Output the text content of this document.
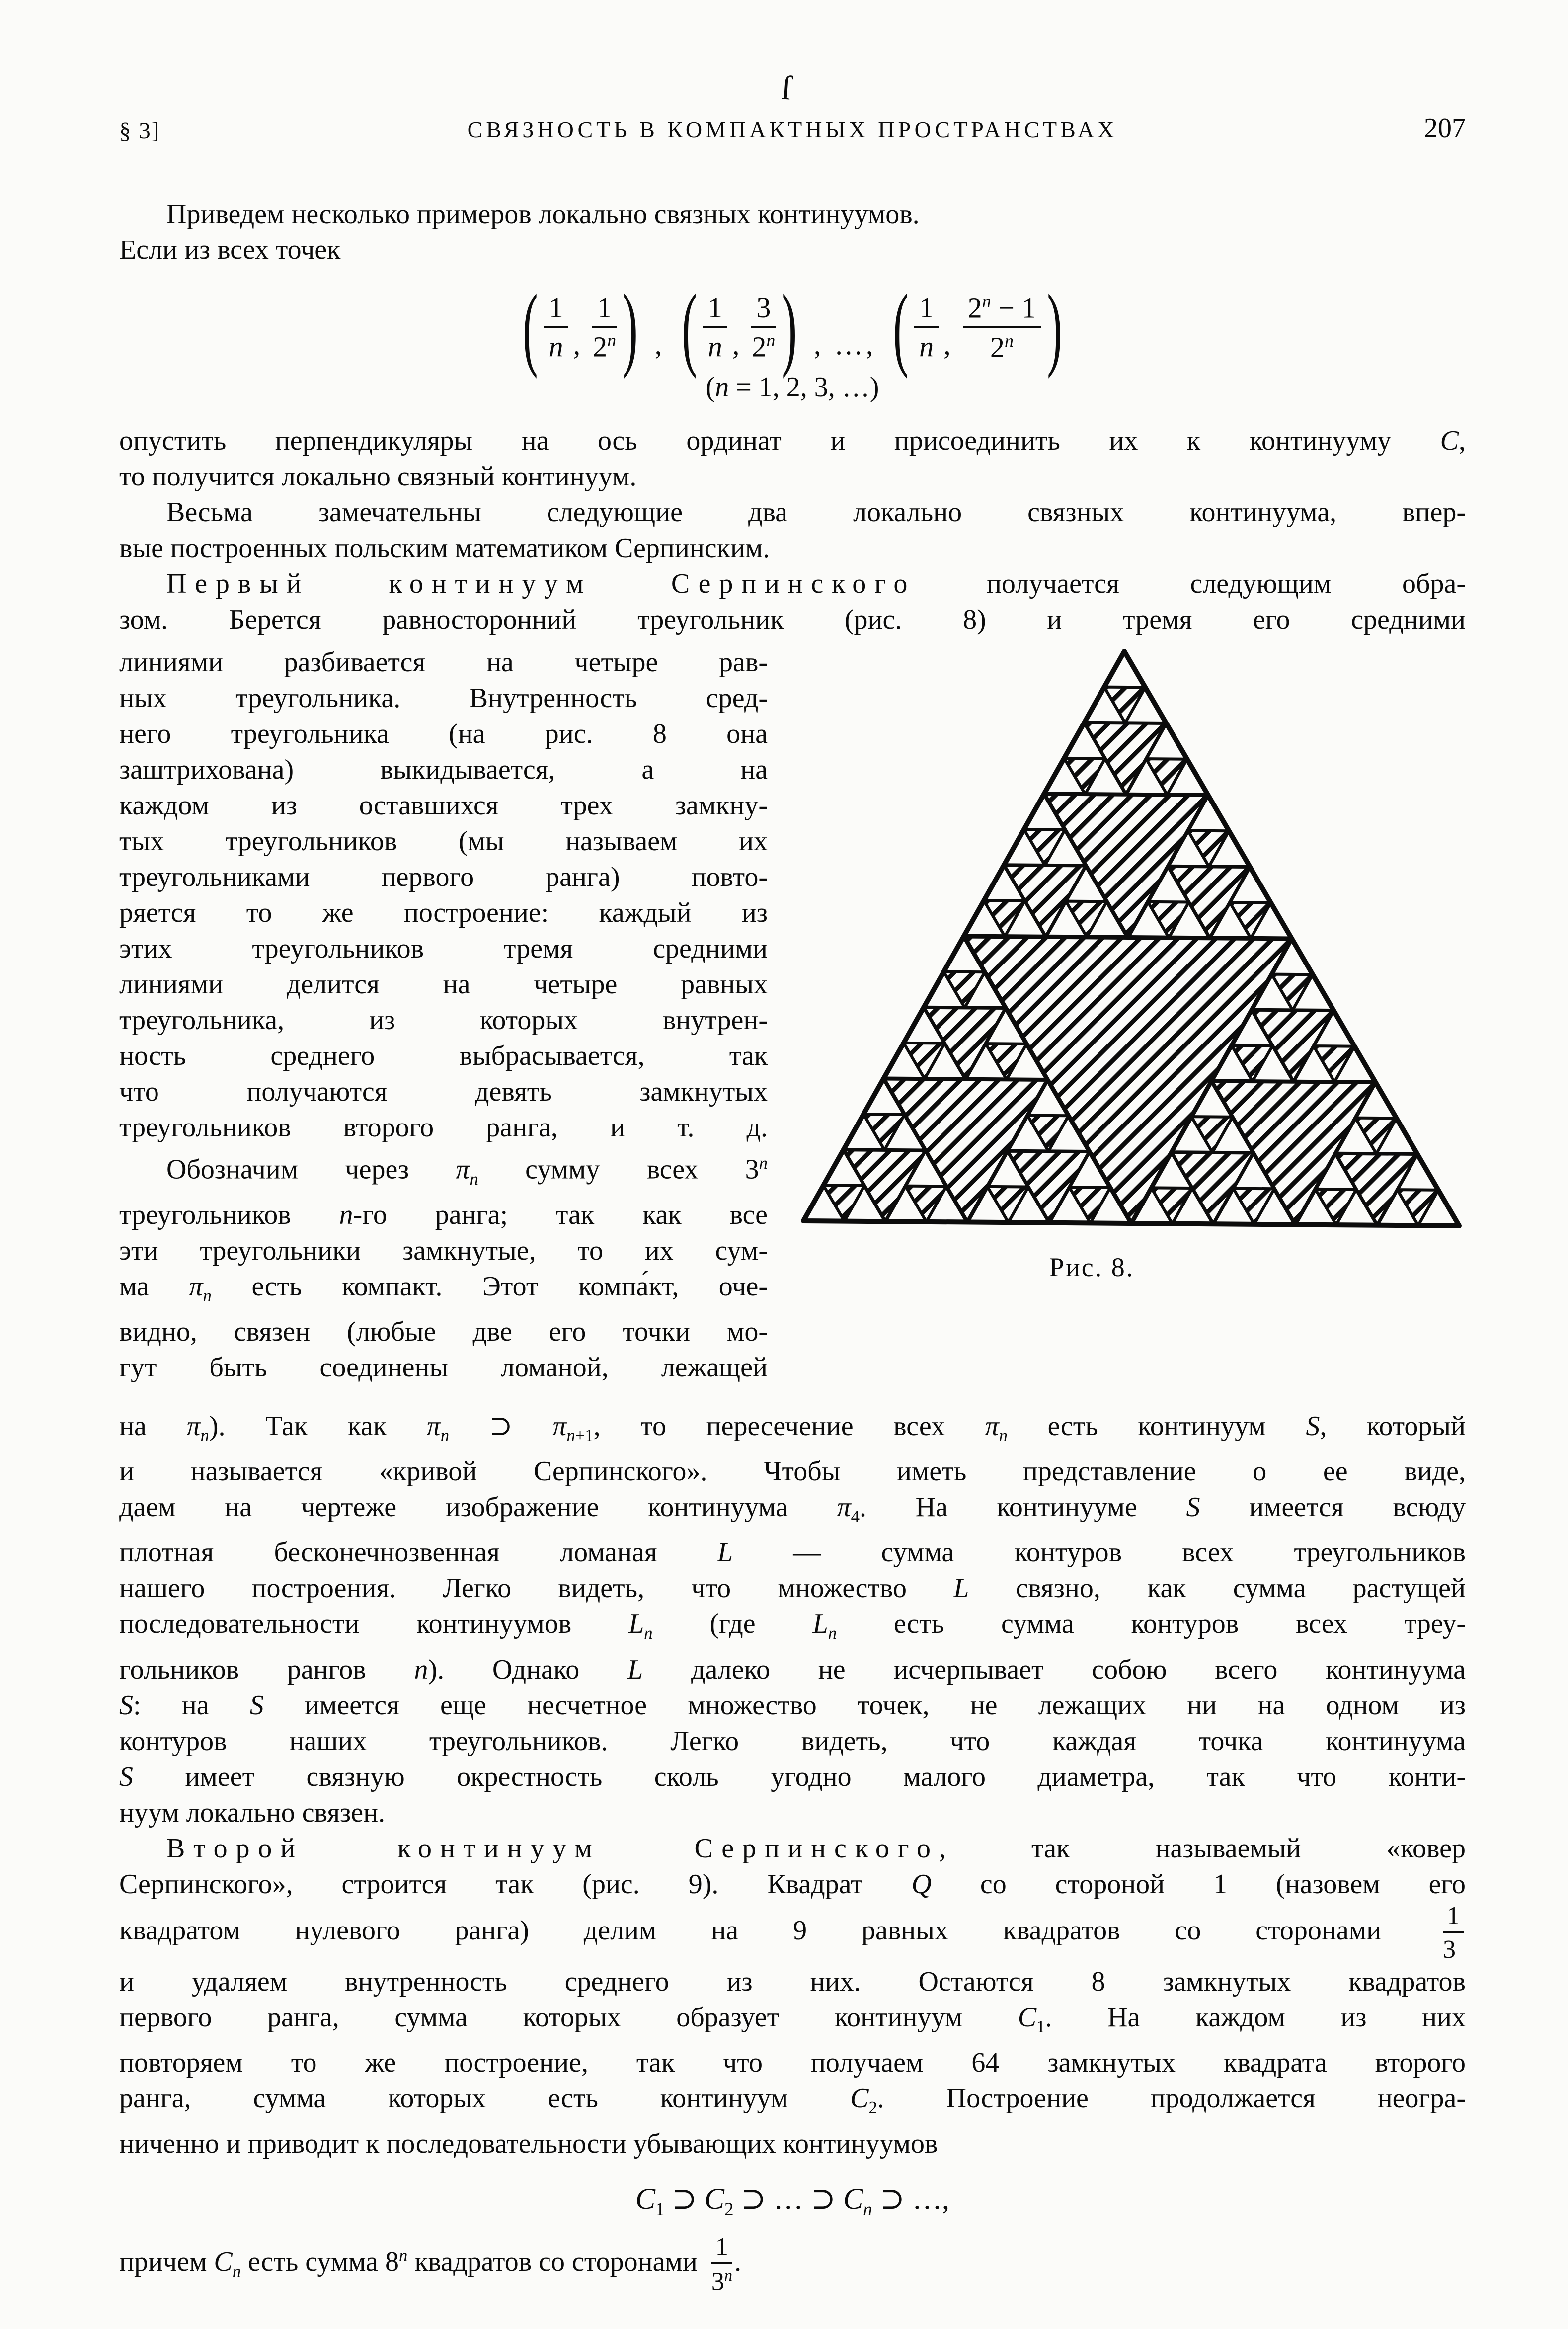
§ 3]	СВЯЗНОСТЬ В КОМПАКТНЫХ ПРОСТРАНСТВАХ	207
ſ
Приведем несколько примеров локально связных континуумов.
Если из всех точек
( $\frac{1}{n}$ , $\frac{1}{2^n}$ ) , ( $\frac{1}{n}$ , $\frac{3}{2^n}$ ) , …, ( $\frac{1}{n}$ , $\frac{2^n - 1}{2^n}$ )
(n = 1, 2, 3, …)
опустить перпендикуляры на ось ординат и присоединить их к континууму C,
то получится локально связный континуум.
Весьма замечательны следующие два локально связных континуума, впер-
вые построенных польским математиком Серпинским.
Первый континуум Серпинского получается следующим обра-
зом. Берется равносторонний треугольник (рис. 8) и тремя его средними
линиями разбивается на четыре рав-
ных треугольника. Внутренность сред-
него треугольника (на рис. 8 она
заштрихована) выкидывается, а на
каждом из оставшихся трех замкну-
тых треугольников (мы называем их
треугольниками первого ранга) повто-
ряется то же построение: каждый из
этих треугольников тремя средними
линиями делится на четыре равных
треугольника, из которых внутрен-
ность среднего выбрасывается, так
что получаются девять замкнутых
треугольников второго ранга, и т. д.
Обозначим через $\pi_n$ сумму всех 3$^n$
треугольников n-го ранга; так как все
эти треугольники замкнутые, то их сум-
ма $\pi_n$ есть компакт. Этот компа́кт, оче-
видно, связен (любые две его точки мо-
гут быть соединены ломаной, лежащей
Рис. 8.
на $\pi_n$). Так как $\pi_n$ ⊃ $\pi_{n+1}$, то пересечение всех $\pi_n$ есть континуум S, который
и называется «кривой Серпинского». Чтобы иметь представление о ее виде,
даем на чертеже изображение континуума $\pi_4$. На континууме S имеется всюду
плотная бесконечнозвенная ломаная L — сумма контуров всех треугольников
нашего построения. Легко видеть, что множество L связно, как сумма растущей
последовательности континуумов $L_n$ (где $L_n$ есть сумма контуров всех треу-
гольников рангов n). Однако L далеко не исчерпывает собою всего континуума
S: на S имеется еще несчетное множество точек, не лежащих ни на одном из
контуров наших треугольников. Легко видеть, что каждая точка континуума
S имеет связную окрестность сколь угодно малого диаметра, так что конти-
нуум локально связен.
Второй континуум Серпинского, так называемый «ковер
Серпинского», строится так (рис. 9). Квадрат Q со стороной 1 (назовем его
квадратом нулевого ранга) делим на 9 равных квадратов со сторонами $\frac{1}{3}$
и удаляем внутренность среднего из них. Остаются 8 замкнутых квадратов
первого ранга, сумма которых образует континуум $C_1$. На каждом из них
повторяем то же построение, так что получаем 64 замкнутых квадрата второго
ранга, сумма которых есть континуум $C_2$. Построение продолжается неогра-
ниченно и приводит к последовательности убывающих континуумов
$C_1$ ⊃ $C_2$ ⊃ … ⊃ $C_n$ ⊃ …,
причем $C_n$ есть сумма 8$^n$ квадратов со сторонами $\frac{1}{3^n}$ .
